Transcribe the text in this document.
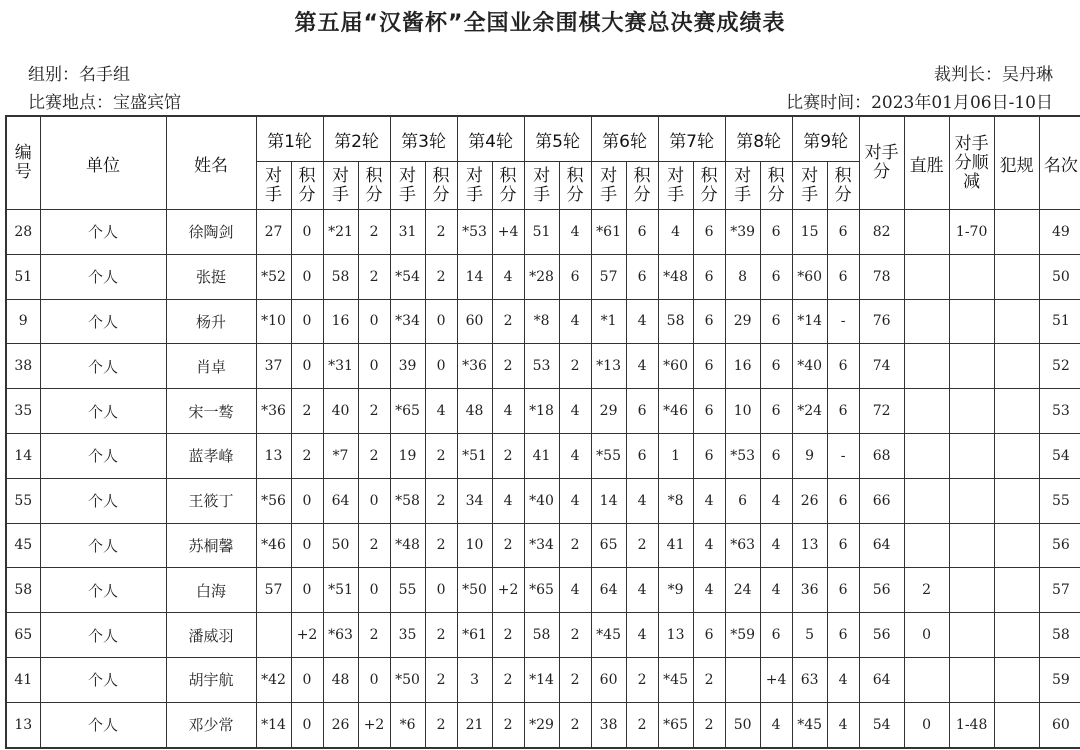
第五届“汉酱杯”全国业余围棋大赛总决赛成绩表
组别：名手组
比赛地点：宝盛宾馆
裁判长：吴丹琳
比赛时间：2023年01月06日-10日
编号	单位	姓名	第1轮		第2轮		第3轮		第4轮		第5轮		第6轮		第7轮		第8轮		第9轮		对手分	直胜	对手分顺减	犯规	名次
			对手	积分	对手	积分	对手	积分	对手	积分	对手	积分	对手	积分	对手	积分	对手	积分	对手	积分					
28	个人	徐陶剑	27	0	*21	2	31	2	*53	+4	51	4	*61	6	4	6	*39	6	15	6	82		1-70		49
51	个人	张挺	*52	0	58	2	*54	2	14	4	*28	6	57	6	*48	6	8	6	*60	6	78				50
9	个人	杨升	*10	0	16	0	*34	0	60	2	*8	4	*1	4	58	6	29	6	*14	-	76				51
38	个人	肖卓	37	0	*31	0	39	0	*36	2	53	2	*13	4	*60	6	16	6	*40	6	74				52
35	个人	宋一骜	*36	2	40	2	*65	4	48	4	*18	4	29	6	*46	6	10	6	*24	6	72				53
14	个人	蓝孝峰	13	2	*7	2	19	2	*51	2	41	4	*55	6	1	6	*53	6	9	-	68				54
55	个人	王筱丁	*56	0	64	0	*58	2	34	4	*40	4	14	4	*8	4	6	4	26	6	66				55
45	个人	苏桐馨	*46	0	50	2	*48	2	10	2	*34	2	65	2	41	4	*63	4	13	6	64				56
58	个人	白海	57	0	*51	0	55	0	*50	+2	*65	4	64	4	*9	4	24	4	36	6	56	2			57
65	个人	潘威羽		+2	*63	2	35	2	*61	2	58	2	*45	4	13	6	*59	6	5	6	56	0			58
41	个人	胡宇航	*42	0	48	0	*50	2	3	2	*14	2	60	2	*45	2		+4	63	4	64				59
13	个人	邓少常	*14	0	26	+2	*6	2	21	2	*29	2	38	2	*65	2	50	4	*45	4	54	0	1-48		60
